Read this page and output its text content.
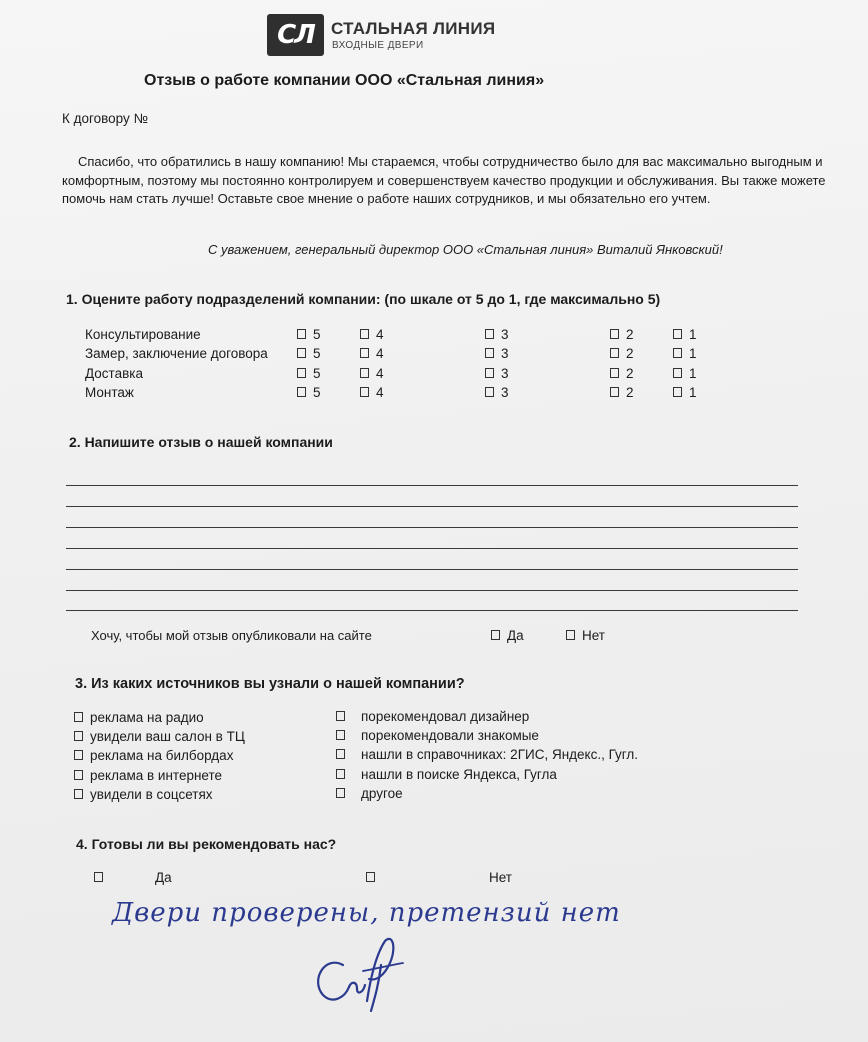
СЛ	СТАЛЬНАЯ ЛИНИЯ
ВХОДНЫЕ ДВЕРИ
Отзыв о работе компании ООО «Стальная линия»
К договору №
Спасибо, что обратились в нашу компанию! Мы стараемся, чтобы сотрудничество было для вас максимально выгодным и комфортным, поэтому мы постоянно контролируем и совершенствуем качество продукции и обслуживания. Вы также можете помочь нам стать лучше! Оставьте свое мнение о работе наших сотрудников, и мы обязательно его учтем.
С уважением, генеральный директор ООО «Стальная линия» Виталий Янковский!
1. Оцените работу подразделений компании: (по шкале от 5 до 1, где максимально 5)
Консультирование	5	4	3	2	1
Замер, заключение договора	5	4	3	2	1
Доставка	5	4	3	2	1
Монтаж	5	4	3	2	1
2. Напишите отзыв о нашей компании
Хочу, чтобы мой отзыв опубликовали на сайте	Да	Нет
3. Из каких источников вы узнали о нашей компании?
реклама на радио
увидели ваш салон в ТЦ
реклама на билбордах
реклама в интернете
увидели в соцсетях
порекомендовал дизайнер
порекомендовали знакомые
нашли в справочниках: 2ГИС, Яндекс., Гугл.
нашли в поиске Яндекса, Гугла
другое
4. Готовы ли вы рекомендовать нас?
Да	Нет
Двери проверены, претензий нет
